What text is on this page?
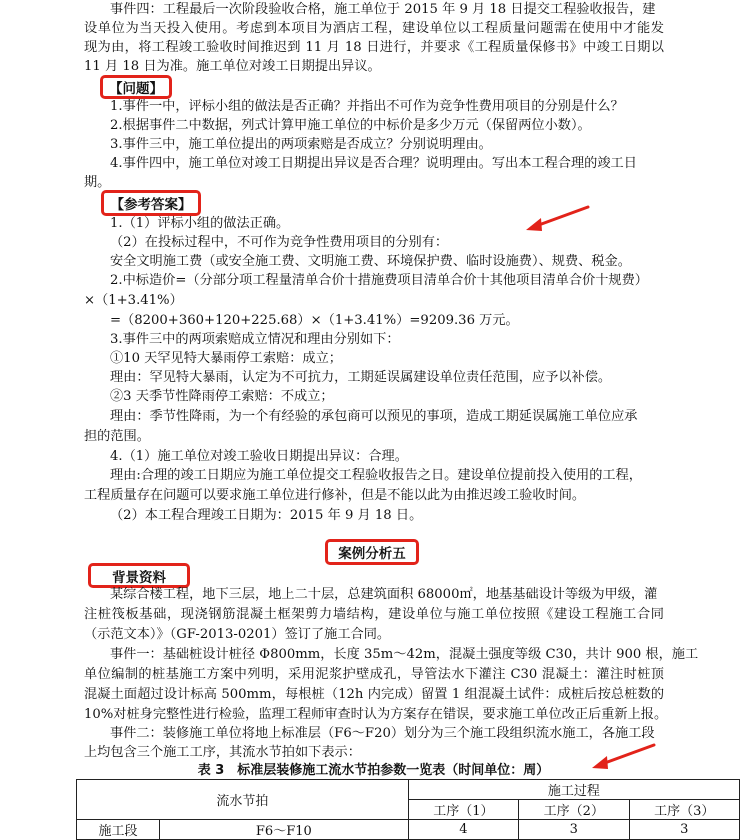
事件四：工程最后一次阶段验收合格，施工单位于 2015 年 9 月 18 日提交工程验收报告，建
设单位为当天投入使用。考虑到本项目为酒店工程，建设单位以工程质量问题需在使用中才能发
现为由，将工程竣工验收时间推迟到 11 月 18 日进行，并要求《工程质量保修书》中竣工日期以
11 月 18 日为准。施工单位对竣工日期提出异议。
【问题】
1.事件一中，评标小组的做法是否正确？并指出不可作为竞争性费用项目的分别是什么？
2.根据事件二中数据，列式计算甲施工单位的中标价是多少万元（保留两位小数）。
3.事件三中，施工单位提出的两项索赔是否成立？分别说明理由。
4.事件四中，施工单位对竣工日期提出异议是否合理？说明理由。写出本工程合理的竣工日
期。
【参考答案】
1.（1）评标小组的做法正确。
（2）在投标过程中，不可作为竞争性费用项目的分别有：
安全文明施工费（或安全施工费、文明施工费、环境保护费、临时设施费）、规费、税金。
2.中标造价=（分部分项工程量清单合价十措施费项目清单合价十其他项目清单合价十规费）
×（1+3.41%）
=（8200+360+120+225.68）×（1+3.41%）=9209.36 万元。
3.事件三中的两项索赔成立情况和理由分别如下：
①10 天罕见特大暴雨停工索赔：成立；
理由：罕见特大暴雨，认定为不可抗力，工期延误属建设单位责任范围，应予以补偿。
②3 天季节性降雨停工索赔：不成立；
理由：季节性降雨，为一个有经验的承包商可以预见的事项，造成工期延误属施工单位应承
担的范围。
4.（1）施工单位对竣工验收日期提出异议：合理。
理由:合理的竣工日期应为施工单位提交工程验收报告之日。建设单位提前投入使用的工程，
工程质量存在问题可以要求施工单位进行修补，但是不能以此为由推迟竣工验收时间。
（2）本工程合理竣工日期为：2015 年 9 月 18 日。
案例分析五
背景资料
某综合楼工程，地下三层，地上二十层，总建筑面积 68000㎡，地基基础设计等级为甲级，灌
注桩筏板基础，现浇钢筋混凝土框架剪力墙结构，建设单位与施工单位按照《建设工程施工合同
（示范文本）》（GF-2013-0201）签订了施工合同。
事件一：基础桩设计桩径 Φ800mm，长度 35m～42m，混凝土强度等级 C30，共计 900 根，施工
单位编制的桩基施工方案中列明，采用泥浆护壁成孔，导管法水下灌注 C30 混凝土：灌注时桩顶
混凝土面超过设计标高 500mm，每根桩（12h 内完成）留置 1 组混凝土试件：成桩后按总桩数的
10%对桩身完整性进行检验，监理工程师审查时认为方案存在错误，要求施工单位改正后重新上报。
事件二：装修施工单位将地上标准层（F6～F20）划分为三个施工段组织流水施工，各施工段
上均包含三个施工工序，其流水节拍如下表示：
表 3　标准层装修施工流水节拍参数一览表（时间单位：周）
流水节拍		施工过程		
		工序（1）	工序（2）	工序（3）
施工段	F6～F10	4	3	3
